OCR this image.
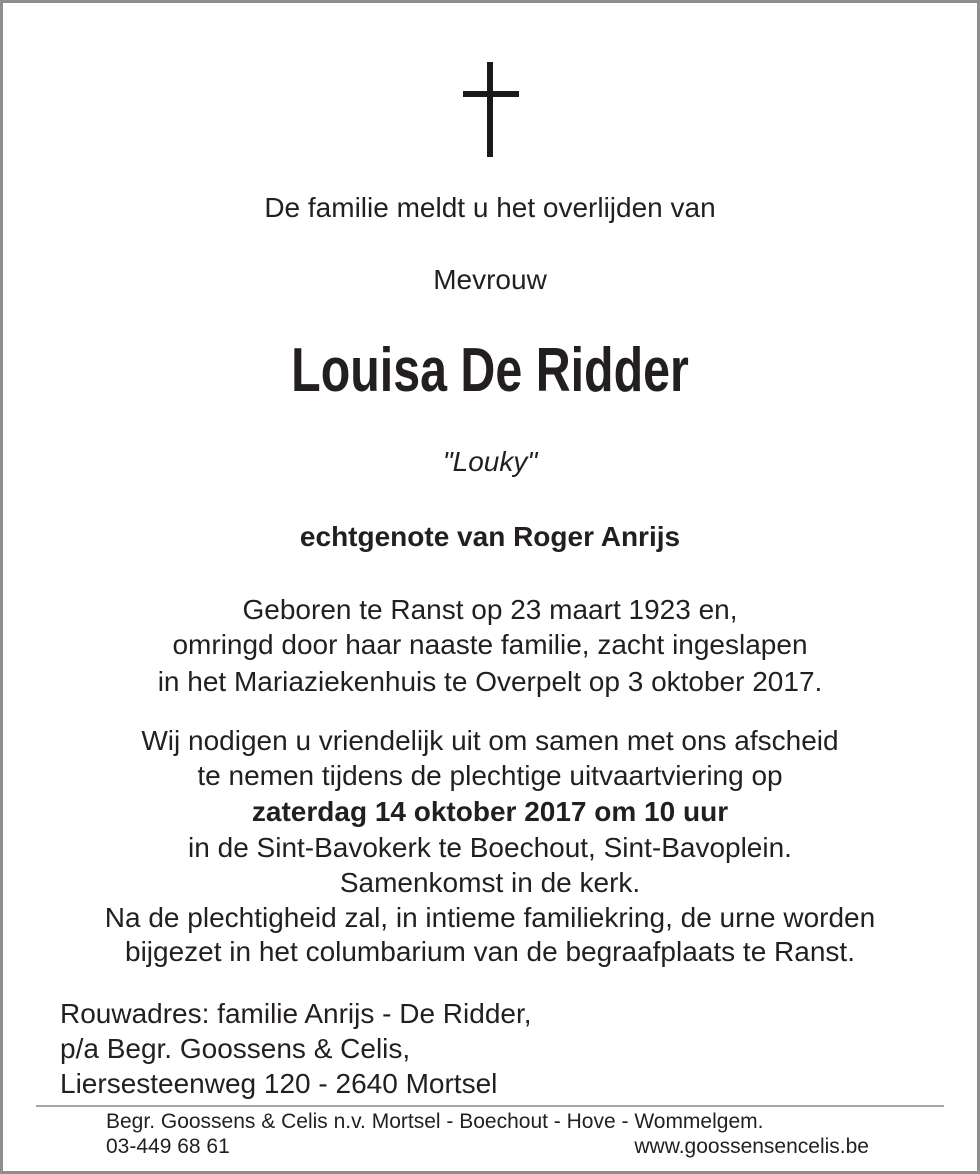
De familie meldt u het overlijden van
Mevrouw
Louisa De Ridder
"Louky"
echtgenote van Roger Anrijs
Geboren te Ranst op 23 maart 1923 en,
omringd door haar naaste familie, zacht ingeslapen
in het Mariaziekenhuis te Overpelt op 3 oktober 2017.
Wij nodigen u vriendelijk uit om samen met ons afscheid
te nemen tijdens de plechtige uitvaartviering op
zaterdag 14 oktober 2017 om 10 uur
in de Sint-Bavokerk te Boechout, Sint-Bavoplein.
Samenkomst in de kerk.
Na de plechtigheid zal, in intieme familiekring, de urne worden
bijgezet in het columbarium van de begraafplaats te Ranst.
Rouwadres: familie Anrijs - De Ridder,
p/a Begr. Goossens & Celis,
Liersesteenweg 120 - 2640 Mortsel
Begr. Goossens & Celis n.v. Mortsel - Boechout - Hove - Wommelgem.
03-449 68 61	www.goossensencelis.be
